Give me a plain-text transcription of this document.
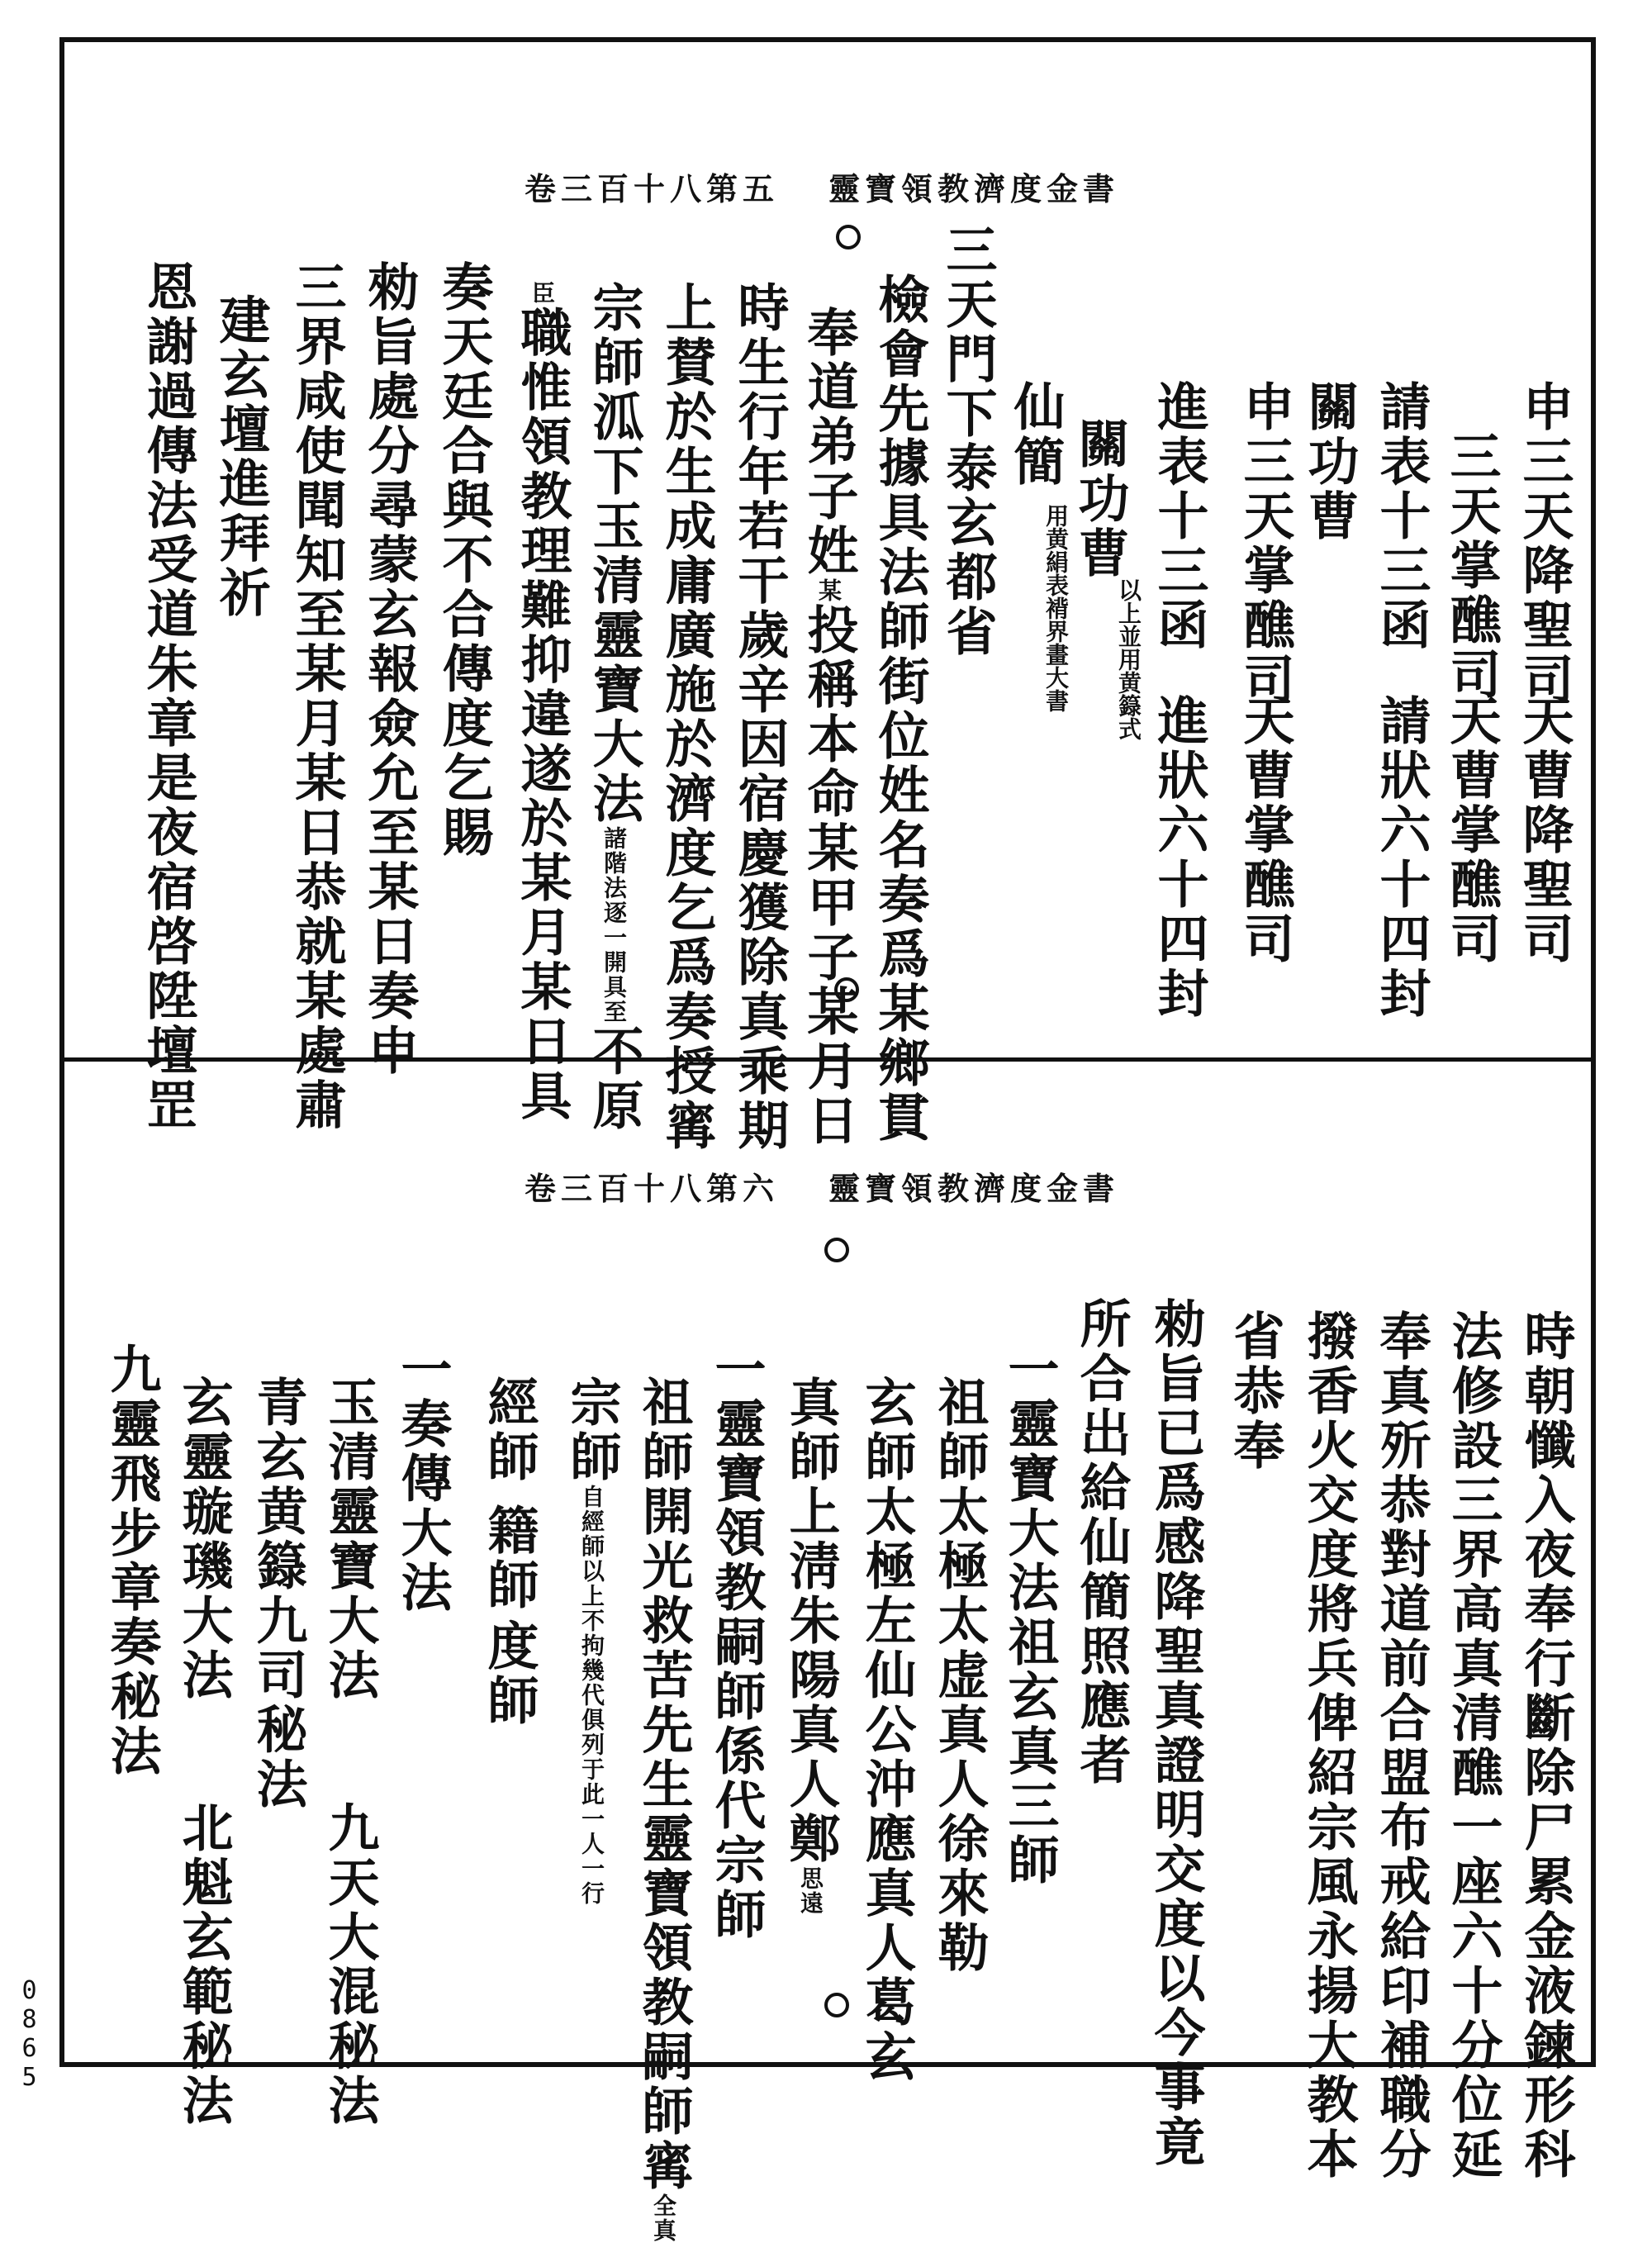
卷三百十八第五 靈寶領教濟度金書
申三天降聖司
天曹降聖司
三天掌醮司
天曹掌醮司
請表十三函
請狀六十四封
關功曹
申三天掌醮司
天曹掌醮司
進表十三函
進狀六十四封
關功曹
以上並用黄籙式
仙簡
用黄絹表褙界畫大書
三天門下泰玄都省
檢會先據具法師街位姓名奏爲某鄉貫
奉道弟子姓某投稱本命某甲子某月日
時生行年若干歲辛因宿慶獲除真乘期
上賛於生成庸廣施於濟度乞爲奏授寗
宗師泒下玉清靈寶大法諸階法逐一開具至不原
臣職惟領教理難抑違遂於某月某日具
奏天廷合與不合傳度乞賜
勑旨處分尋蒙玄報僉允至某日奏申
三界咸使聞知至某月某日恭就某處肅
建玄壇進拜祈
恩謝過傳法受道朱章是夜宿啓陞壇罡
卷三百十八第六 靈寶領教濟度金書
時朝懺入夜奉行斷除尸累金液鍊形科
法修設三界高真清醮一座六十分位延
奉真歽恭對道前合盟布戒給印補職分
撥香火交度將兵俾紹宗風永揚大教本
省恭奉
勑旨已爲感降聖真證明交度以今事竟
所合出給仙簡照應者
一靈寶大法祖玄真三師
祖師太極太虚真人徐來勒
玄師太極左仙公沖應真人葛玄
真師上淸朱陽真人鄭思遠
一靈寶領教嗣師係代宗師
祖師開光救苦先生靈寶領教嗣師寗全真
宗師自經師以上不拘幾代俱列于此一人一行
經師
籍師
度師
一奏傳大法
玉清靈寶大法
九天大混秘法
青玄黄籙九司秘法
玄靈璇璣大法
北魁玄範秘法
九靈飛步章奏秘法
0865
